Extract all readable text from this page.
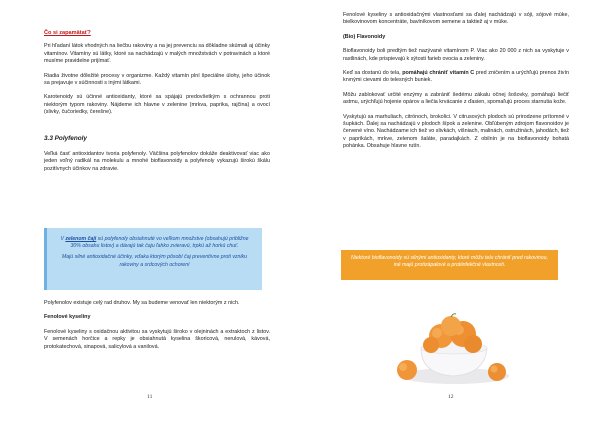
Čo si zapamätať?

Pri hľadaní látok vhodných na liečbu rakoviny a na jej prevenciu sa dôkladne skúmali aj účinky vitamínov. Vitamíny sú látky, ktoré sa nachádzajú v malých množstvách v potravinách a ktoré musíme pravidelne prijímať.

Riadia životne dôležité procesy v organizme. Každý vitamín plní špeciálne úlohy, jeho účinok sa prejavuje v súčinnosti s inými látkami.

Karotenoidy sú účinné antioxidanty, ktoré sa spájajú predovšetkým s ochrannou proti niektorým typom rakoviny. Nájdeme ich hlavne v zelenine (mrkva, paprika, rajčina) a ovocí (slivky, čučoriedky, čerešne).

3.3 Polyfenoly

Veľká časť antioxidantov tvoria polyfenoly. Väčšina polyfenolov dokáže deaktivovať viac ako jeden voľný radikál na molekulu a mnohé bioflavonoidy a polyfenoly vykazujú širokú škálu pozitívnych účinkov na zdravie.

V zelenom čaji sú polyfenoly obsiahnuté vo veľkom množstve (obsahujú približne 30% obsahu listov) a dávajú tak čaju ľahko zvieravú, trpkú až horkú chuť.

Majú silné antioxidačné účinky, vďaka ktorým pôsobí čaj preventívne proti vzniku rakoviny a srdcových ochorení

Polyfenolov existuje celý rad druhov. My sa budeme venovať len niektorým z nich.

Fenolové kyseliny

Fenolové kyseliny s oxidačnou aktivitou sa vyskytujú široko v olejninách a extraktoch z listov. V semenách horčice a repky je obsiahnutá kyselina škoricová, nerulová, kávová, protokatechová, sinapová, salicylová a vanilová.

11	12

Fenolové kyseliny s antioxidačnými vlastnosťami sa ďalej nachádzajú v sóji, sójové múke, bielkovinovom koncentráte, bavlníkovom semene a taktiež aj v múke.

(Bio) Flavonoidy

Bioflavonoidy boli predtým tiež nazývané vitamínom P. Viac ako 20 000 z nich sa vyskytuje v rastlinách, kde prispievajú k sýtosti farieb ovocia a zeleniny.

Keď sa dostanú do tela, pomáhajú chrániť vitamín C pred zničením a urýchľujú prenos živín krvnými cievami do telesných buniek.

Môžu zablokovať určité enzýmy a zabrániť šedému zákalu očnej šošovky, pomáhajú liečiť astmu, urýchľujú hojenie opárov a liečia krvácanie z ďasien, spomaľujú proces starnutia kože.

Vyskytujú sa marhuliach, citrónoch, brokolici. V citrusových plodoch sú prirodzene prítomné v šupkách. Ďalej sa nachádzajú v plodoch šípok a zelenine. Obľúbeným zdrojom flavonoidov je červené víno. Nachádzame ich tiež vo slivkách, višniach, malinách, ostružinách, jahodách, tiež v paprikách, mrkve, zelenom šaláte, paradajkách. Z obilnín je na bioflavonoidy bohatá pohánka. Obsahuje hlavne rutín.

Niektoré bioflavonoidy sú silnými antioxidanty, ktoré môžu telu chrániť pred rakovinou, iné majú protizápalové a protiinfekčné vlastnosti.
